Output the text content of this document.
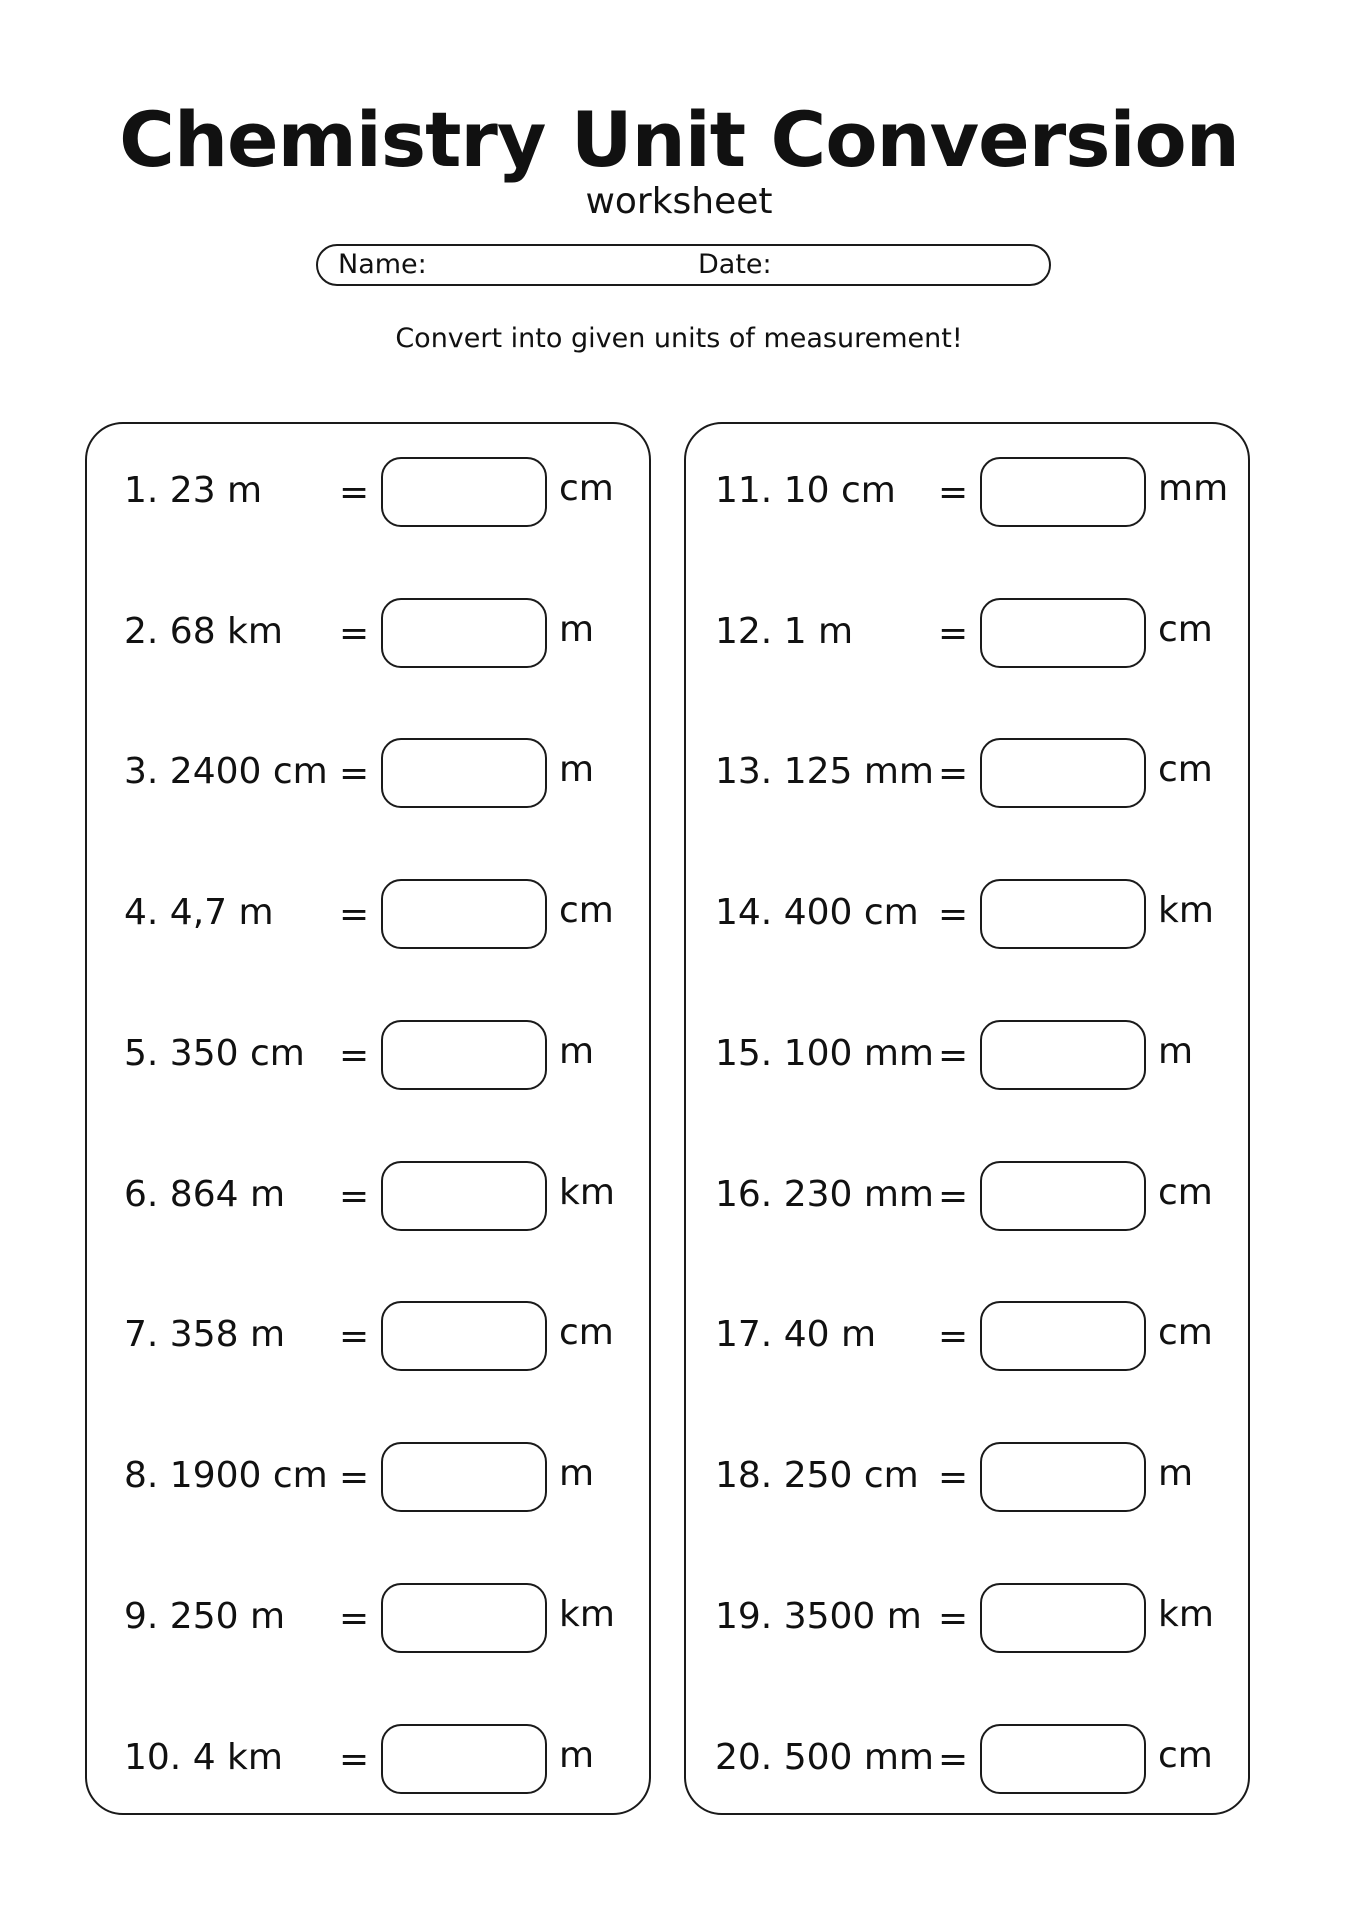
Chemistry Unit Conversion
worksheet
Name:	Date:
Convert into given units of measurement!
1. 23 m =	cm
2. 68 km =	m
3. 2400 cm =	m
4. 4,7 m =	cm
5. 350 cm =	m
6. 864 m =	km
7. 358 m =	cm
8. 1900 cm =	m
9. 250 m =	km
10. 4 km =	m
11. 10 cm =	mm
12. 1 m =	cm
13. 125 mm =	cm
14. 400 cm =	km
15. 100 mm =	m
16. 230 mm =	cm
17. 40 m =	cm
18. 250 cm =	m
19. 3500 m =	km
20. 500 mm =	cm
